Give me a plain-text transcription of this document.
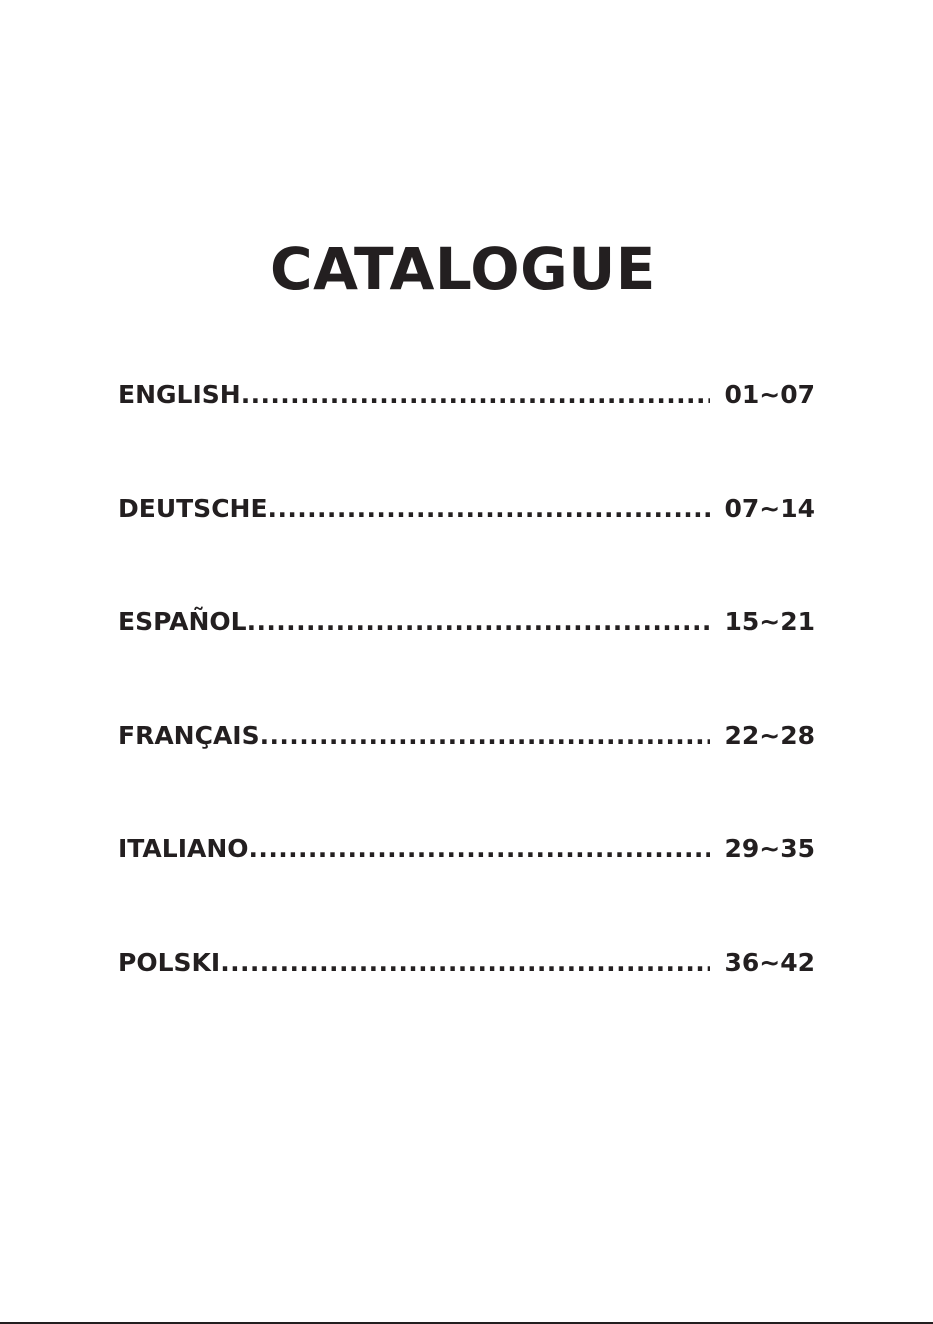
CATALOGUE
ENGLISH .....	01~07
DEUTSCHE .....	07~14
ESPAÑOL .....	15~21
FRANÇAIS .....	22~28
ITALIANO .....	29~35
POLSKI .....	36~42
